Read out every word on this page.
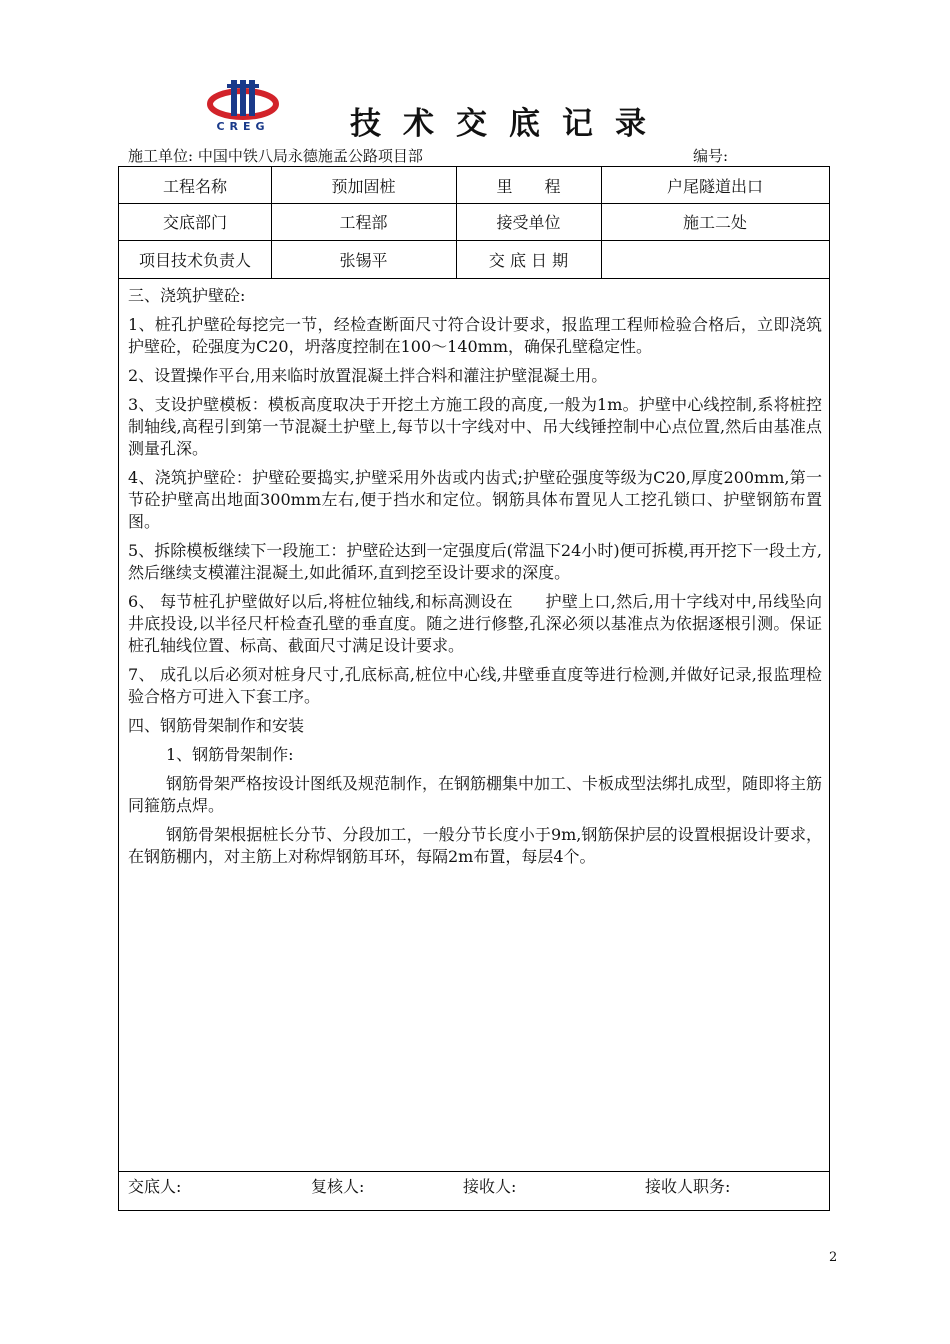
CREG	技术交底记录
施工单位: 中国中铁八局永德施孟公路项目部	编号:
工程名称	预加固桩	里　　程	户尾隧道出口
交底部门	工程部	接受单位	施工二处
项目技术负责人	张锡平	交 底 日 期

三、浇筑护壁砼:

1、桩孔护壁砼每挖完一节，经检查断面尺寸符合设计要求，报监理工程师检验合格后，立即浇筑护壁砼，砼强度为C20，坍落度控制在100～140mm，确保孔壁稳定性。

2、设置操作平台,用来临时放置混凝土拌合料和灌注护壁混凝土用。

3、支设护壁模板：模板高度取决于开挖土方施工段的高度,一般为1m。护壁中心线控制,系将桩控制轴线,高程引到第一节混凝土护壁上,每节以十字线对中、吊大线锤控制中心点位置,然后由基准点测量孔深。

4、浇筑护壁砼：护壁砼要捣实,护壁采用外齿或内齿式;护壁砼强度等级为C20,厚度200mm,第一节砼护壁高出地面300mm左右,便于挡水和定位。钢筋具体布置见人工挖孔锁口、护壁钢筋布置图。

5、拆除模板继续下一段施工：护壁砼达到一定强度后(常温下24小时)便可拆模,再开挖下一段土方,然后继续支模灌注混凝土,如此循环,直到挖至设计要求的深度。

6、 每节桩孔护壁做好以后,将桩位轴线,和标高测设在　　护壁上口,然后,用十字线对中,吊线坠向井底投设,以半径尺杆检查孔壁的垂直度。随之进行修整,孔深必须以基准点为依据逐根引测。保证桩孔轴线位置、标高、截面尺寸满足设计要求。

7、 成孔以后必须对桩身尺寸,孔底标高,桩位中心线,井壁垂直度等进行检测,并做好记录,报监理检验合格方可进入下套工序。

四、钢筋骨架制作和安装

1、钢筋骨架制作:

钢筋骨架严格按设计图纸及规范制作，在钢筋棚集中加工、卡板成型法绑扎成型，随即将主筋同箍筋点焊。

钢筋骨架根据桩长分节、分段加工，一般分节长度小于9m,钢筋保护层的设置根据设计要求，在钢筋棚内，对主筋上对称焊钢筋耳环，每隔2m布置，每层4个。

交底人:	复核人:	接收人:	接收人职务:
2
